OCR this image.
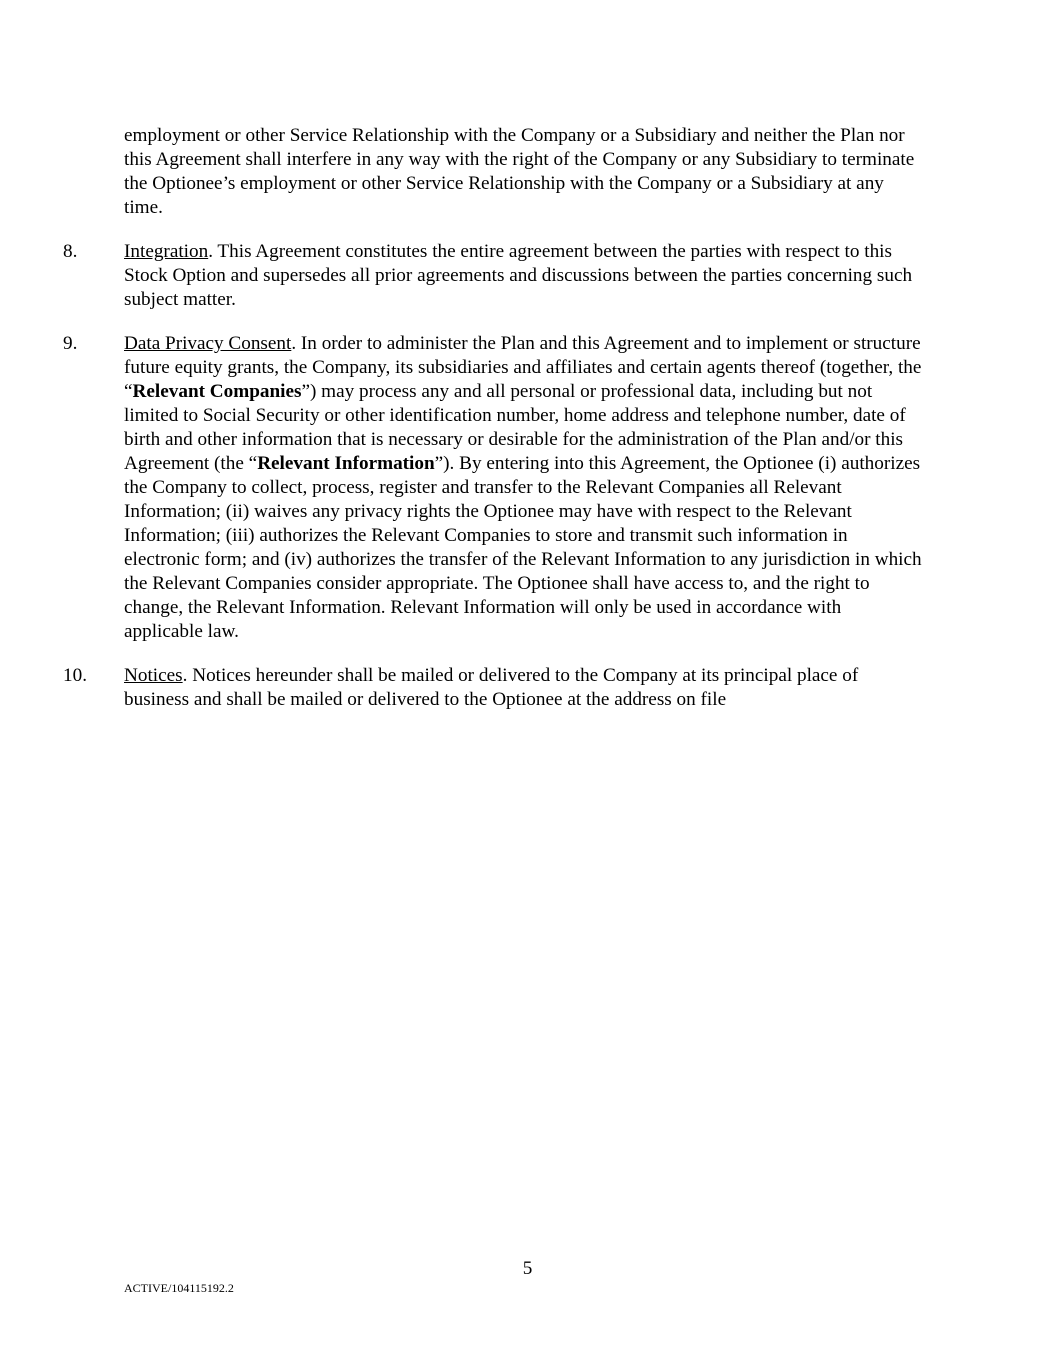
employment or other Service Relationship with the Company or a Subsidiary and neither the Plan nor this Agreement shall interfere in any way with the right of the Company or any Subsidiary to terminate the Optionee’s employment or other Service Relationship with the Company or a Subsidiary at any time.

8. Integration. This Agreement constitutes the entire agreement between the parties with respect to this Stock Option and supersedes all prior agreements and discussions between the parties concerning such subject matter.

9. Data Privacy Consent. In order to administer the Plan and this Agreement and to implement or structure future equity grants, the Company, its subsidiaries and affiliates and certain agents thereof (together, the “Relevant Companies”) may process any and all personal or professional data, including but not limited to Social Security or other identification number, home address and telephone number, date of birth and other information that is necessary or desirable for the administration of the Plan and/or this Agreement (the “Relevant Information”). By entering into this Agreement, the Optionee (i) authorizes the Company to collect, process, register and transfer to the Relevant Companies all Relevant Information; (ii) waives any privacy rights the Optionee may have with respect to the Relevant Information; (iii) authorizes the Relevant Companies to store and transmit such information in electronic form; and (iv) authorizes the transfer of the Relevant Information to any jurisdiction in which the Relevant Companies consider appropriate. The Optionee shall have access to, and the right to change, the Relevant Information. Relevant Information will only be used in accordance with applicable law.

10. Notices. Notices hereunder shall be mailed or delivered to the Company at its principal place of business and shall be mailed or delivered to the Optionee at the address on file

5
ACTIVE/104115192.2
